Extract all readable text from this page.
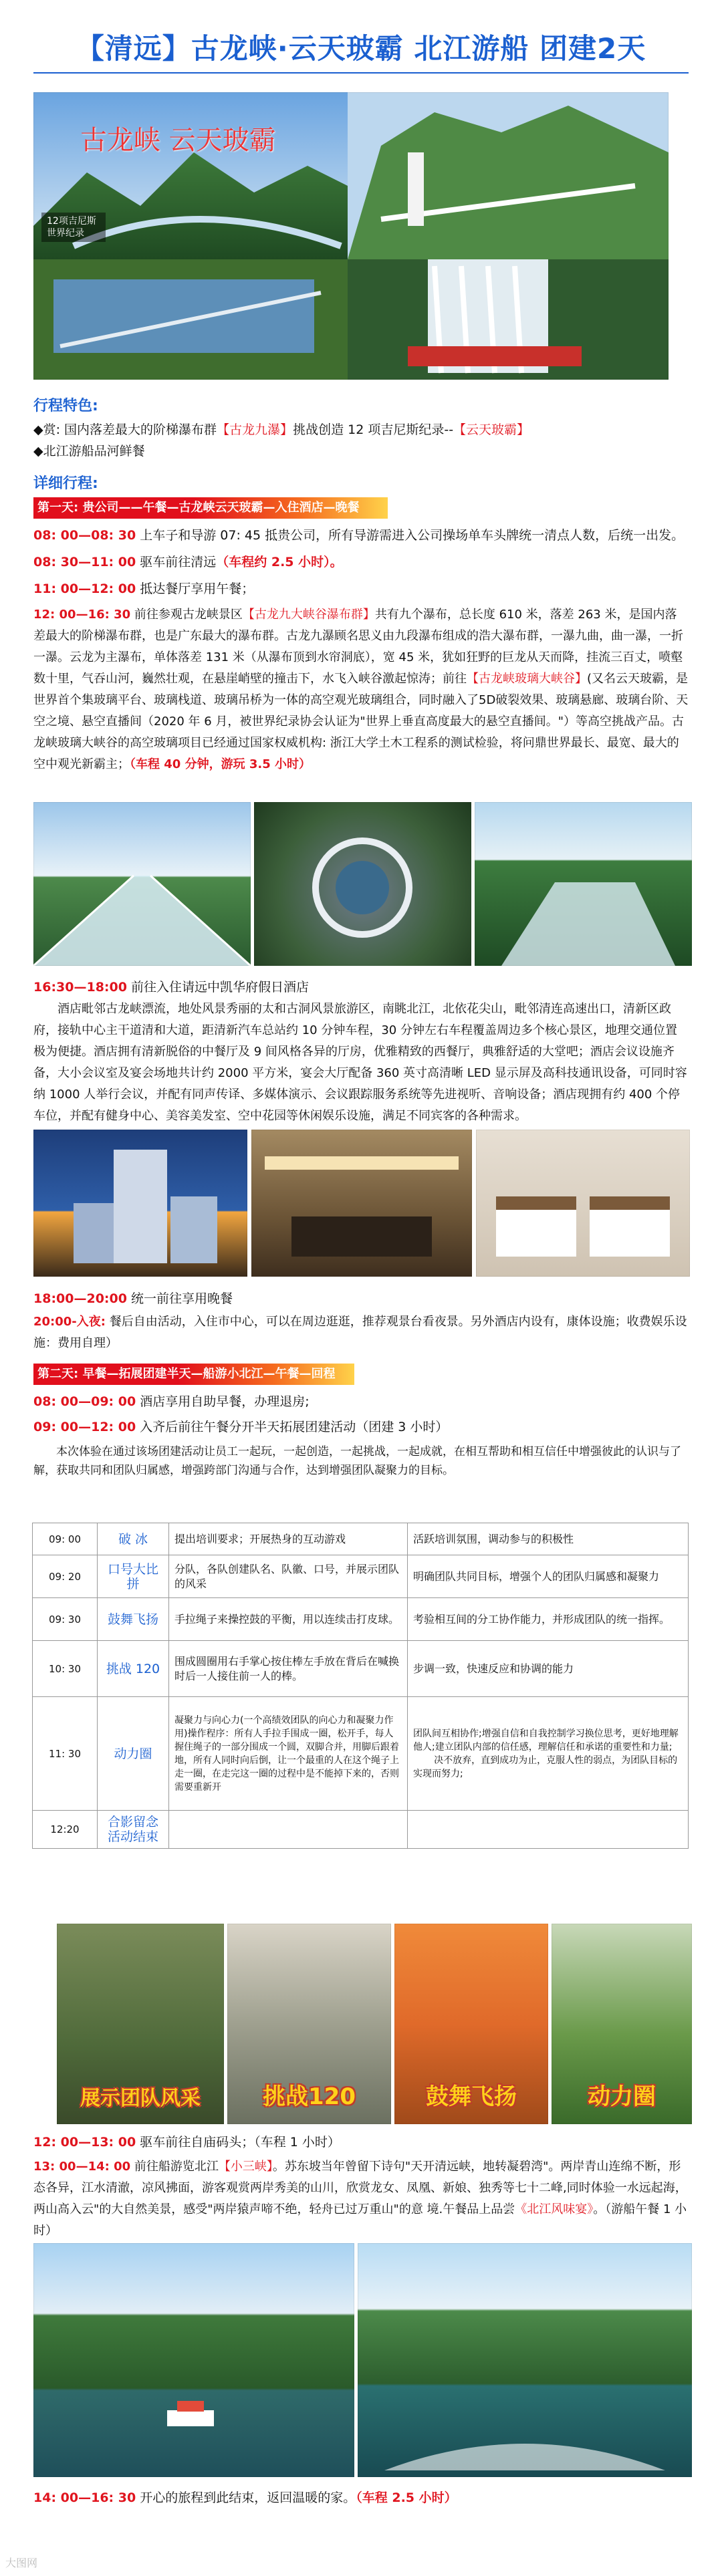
【清远】古龙峡·云天玻霸 北江游船 团建2天
古龙峡 云天玻霸
12项吉尼斯世界纪录
行程特色:
◆赏: 国内落差最大的阶梯瀑布群【古龙九瀑】挑战创造 12 项吉尼斯纪录--【云天玻霸】
◆北江游船品河鲜餐
详细行程:
第一天: 贵公司——午餐—古龙峡云天玻霸—入住酒店—晚餐
08: 00—08: 30 上车子和导游 07: 45 抵贵公司，所有导游需进入公司操场单车头牌统一清点人数，后统一出发。
08: 30—11: 00 驱车前往清远（车程约 2.5 小时）。
11: 00—12: 00 抵达餐厅享用午餐；
12: 00—16: 30 前往参观古龙峡景区【古龙九大峡谷瀑布群】共有九个瀑布，总长度 610 米，落差 263 米，是国内落差最大的阶梯瀑布群，也是广东最大的瀑布群。古龙九瀑顾名思义由九段瀑布组成的浩大瀑布群，一瀑九曲，曲一瀑，一折一瀑。云龙为主瀑布，单体落差 131 米（从瀑布顶到水帘洞底），宽 45 米，犹如狂野的巨龙从天而降，挂流三百丈，喷壑数十里，气吞山河，巍然壮观，在悬崖峭壁的撞击下，水飞入峡谷激起惊涛；前往【古龙峡玻璃大峡谷】(又名云天玻霸，是世界首个集玻璃平台、玻璃栈道、玻璃吊桥为一体的高空观光玻璃组合，同时融入了5D破裂效果、玻璃悬廊、玻璃台阶、天空之境、悬空直播间（2020 年 6 月，被世界纪录协会认证为"世界上垂直高度最大的悬空直播间。"）等高空挑战产品。古龙峡玻璃大峡谷的高空玻璃项目已经通过国家权威机构: 浙江大学土木工程系的测试检验，将问鼎世界最长、最宽、最大的空中观光新霸主；（车程 40 分钟，游玩 3.5 小时）
16:30—18:00 前往入住请远中凯华府假日酒店
酒店毗邻古龙峡漂流，地处风景秀丽的太和古洞风景旅游区，南眺北江，北依花尖山，毗邻清连高速出口，清新区政府，接轨中心主干道清和大道，距清新汽车总站约 10 分钟车程，30 分钟左右车程覆盖周边多个核心景区，地理交通位置极为便捷。酒店拥有清新脱俗的中餐厅及 9 间风格各异的厅房，优雅精致的西餐厅，典雅舒适的大堂吧；酒店会议设施齐备，大小会议室及宴会场地共计约 2000 平方米，宴会大厅配备 360 英寸高清晰 LED 显示屏及高科技通讯设备，可同时容纳 1000 人举行会议，并配有同声传译、多媒体演示、会议跟踪服务系统等先进视听、音响设备；酒店现拥有约 400 个停车位，并配有健身中心、美容美发室、空中花园等休闲娱乐设施，满足不同宾客的各种需求。
18:00—20:00 统一前往享用晚餐
20:00-入夜: 餐后自由活动，入住市中心，可以在周边逛逛，推荐观景台看夜景。另外酒店内设有，康体设施；收费娱乐设施：费用自理）
第二天: 早餐—拓展团建半天—船游小北江—午餐—回程
08: 00—09: 00 酒店享用自助早餐，办理退房;
09: 00—12: 00 入齐后前往午餐分开半天拓展团建活动（团建 3 小时）
本次体验在通过该场团建活动让员工一起玩，一起创造，一起挑战，一起成就，在相互帮助和相互信任中增强彼此的认识与了解，获取共同和团队归属感，增强跨部门沟通与合作，达到增强团队凝聚力的目标。
09: 00	破 冰	提出培训要求；开展热身的互动游戏	活跃培训氛围，调动参与的积极性
09: 20	口号大比拼	分队，各队创建队名、队徽、口号，并展示团队的风采	明确团队共同目标，增强个人的团队归属感和凝聚力
09: 30	鼓舞飞扬	手拉绳子来操控鼓的平衡，用以连续击打皮球。	考验相互间的分工协作能力，并形成团队的统一指挥。
10: 30	挑战 120	围成圆圈用右手掌心按住棒左手放在背后在喊换时后一人接住前一人的棒。	步调一致，快速反应和协调的能力
11: 30	动力圈	凝聚力与向心力(一个高绩效团队的向心力和凝聚力作用)操作程序：所有人手拉手围成一圈，松开手，每人握住绳子的一部分围成一个圆，双脚合并，用脚后跟着地，所有人同时向后倒，让一个最重的人在这个绳子上走一圈，在走完这一圈的过程中是不能掉下来的，否则需要重新开	团队间互相协作;增强自信和自我控制学习换位思考，更好地理解他人;建立团队内部的信任感，理解信任和承诺的重要性和力量;
决不放弃，直到成功为止，克服人性的弱点，为团队目标的实现而努力;
12:20	合影留念活动结束		
展示团队风采	挑战120	鼓舞飞扬	动力圈
12: 00—13: 00 驱车前往自庙码头；（车程 1 小时）
13: 00—14: 00 前往船游览北江【小三峡】。苏东坡当年曾留下诗句"天开清远峡，地转凝碧湾"。两岸青山连绵不断，形态各异，江水清澈，凉风拂面，游客观赏两岸秀美的山川，欣赏龙女、凤凰、新娘、独秀等七十二峰,同时体验一水远起海，两山高入云"的大自然美景，感受"两岸猿声啼不绝，轻舟已过万重山"的意 境.午餐品上品尝《北江风味宴》。（游船午餐 1 小时）
14: 00—16: 30 开心的旅程到此结束，返回温暖的家。（车程 2.5 小时）
大图网
